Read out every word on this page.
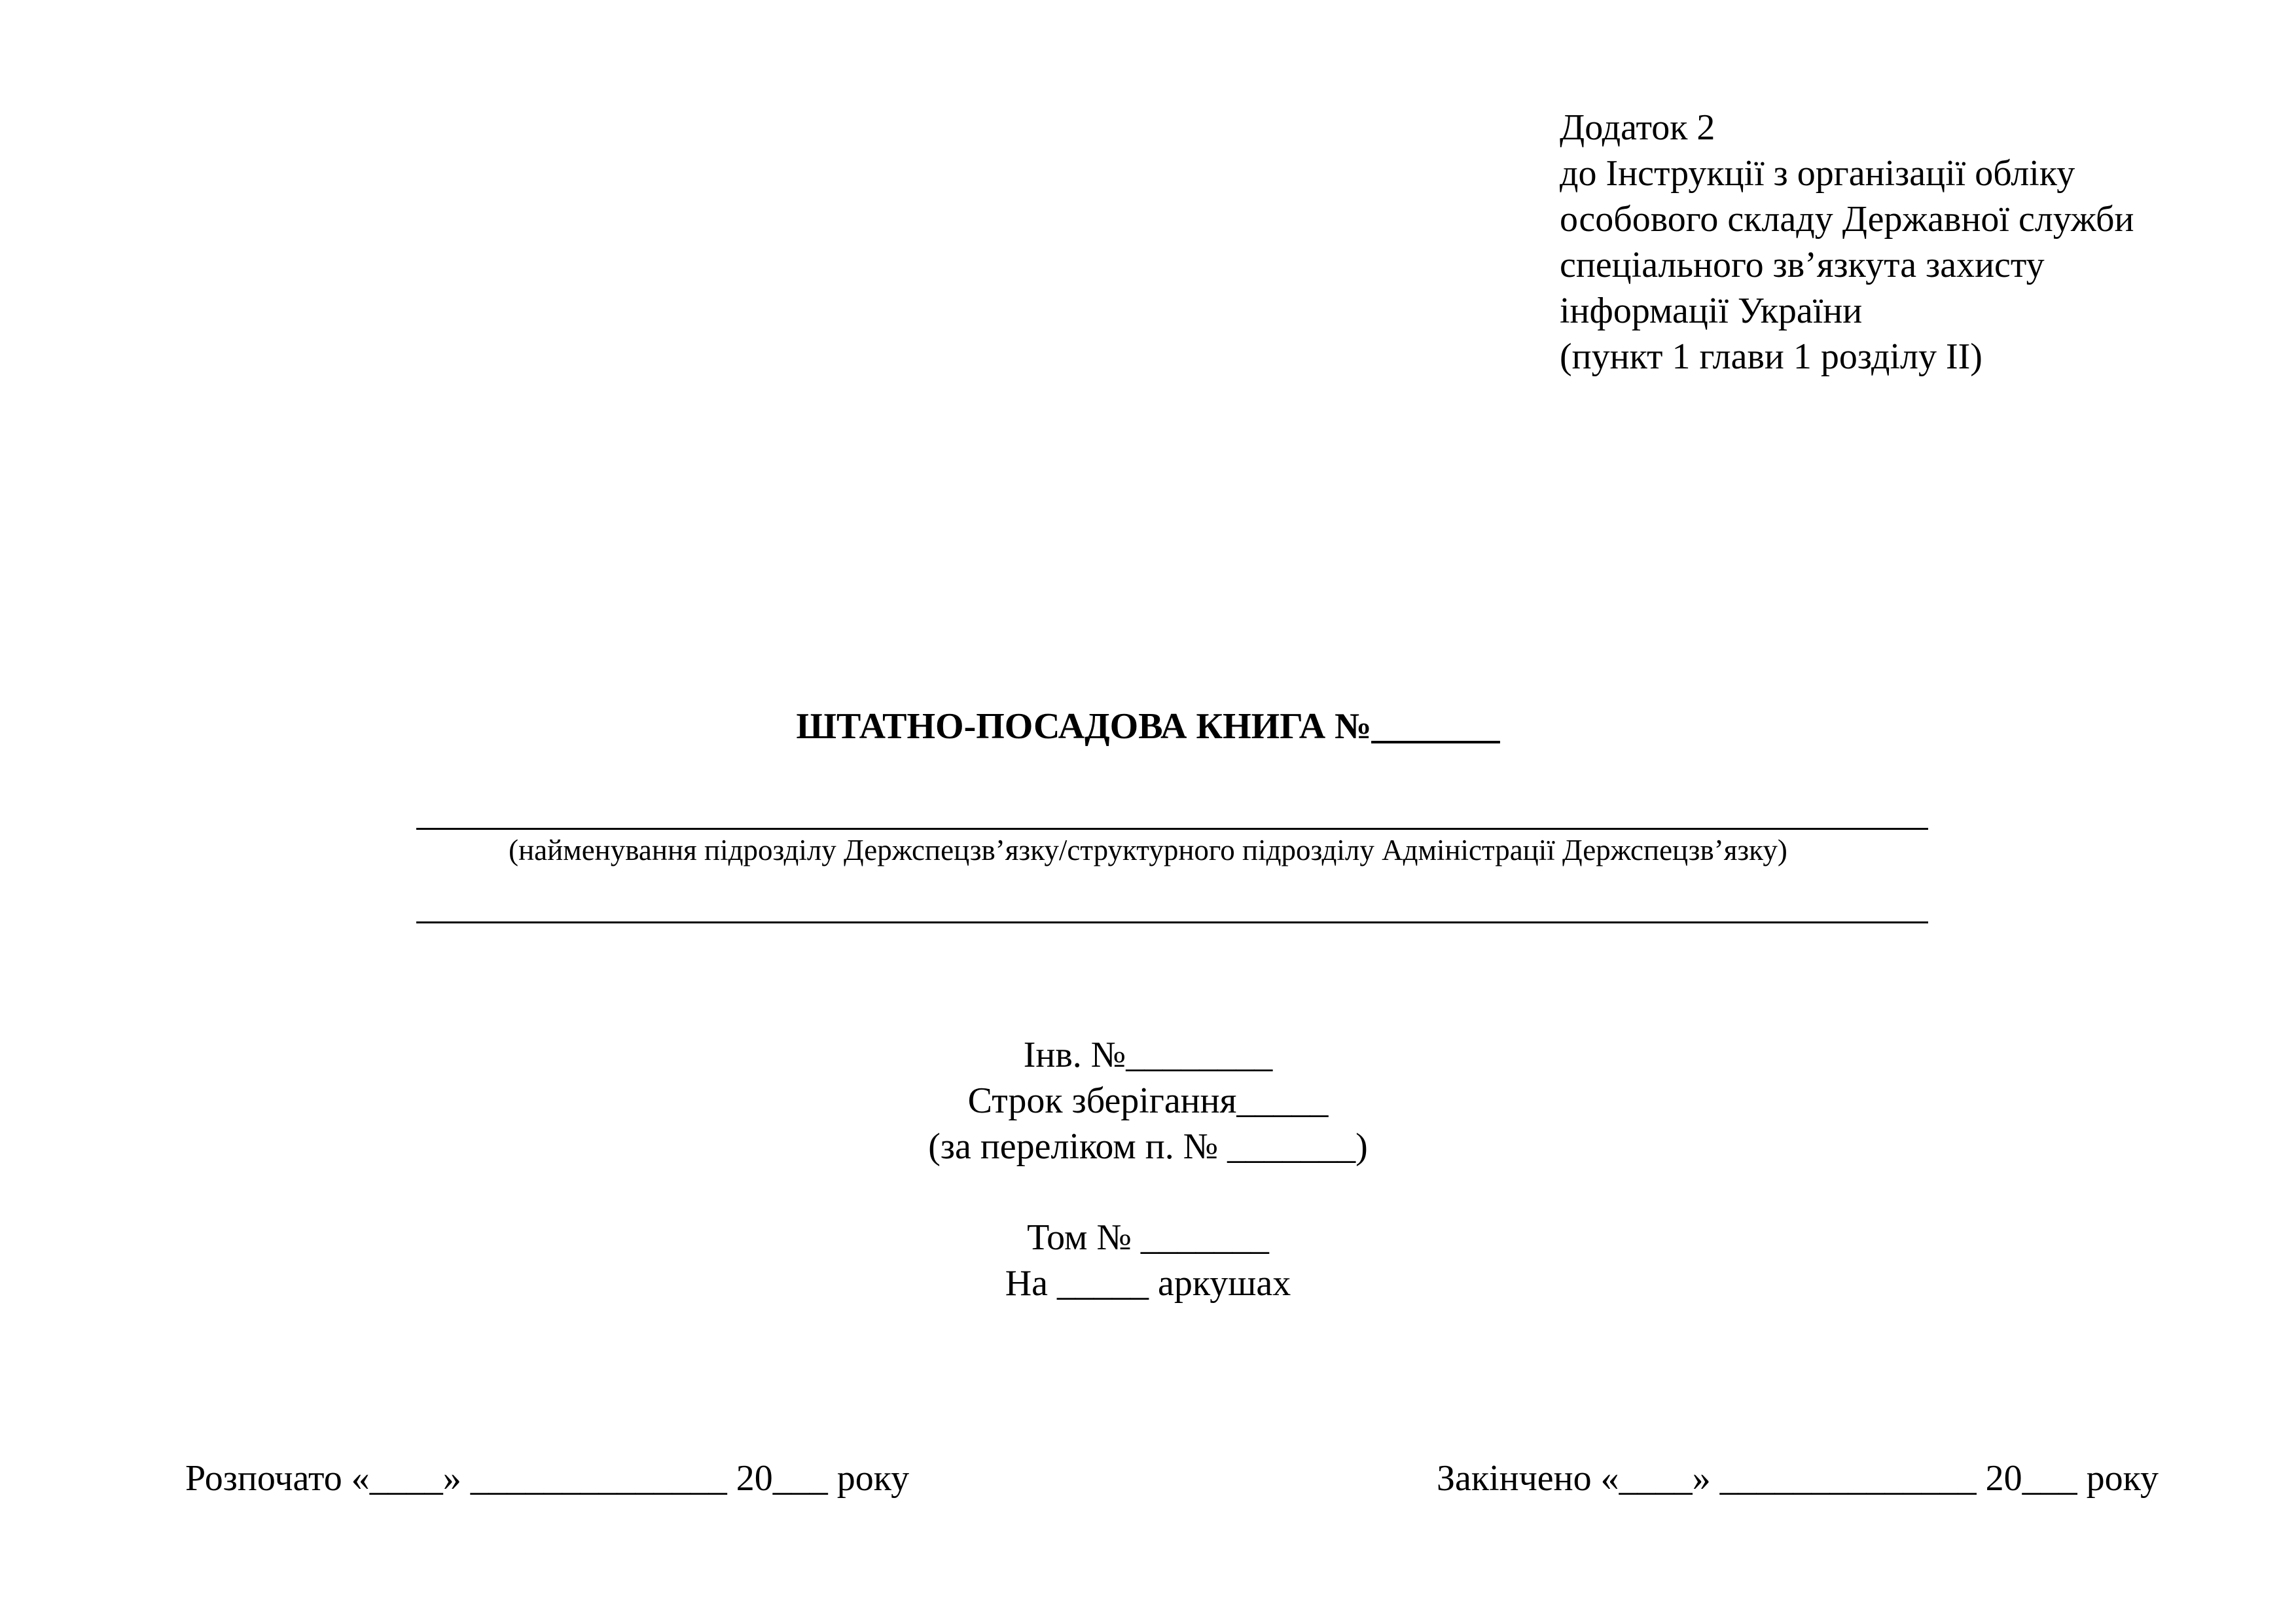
Додаток 2
до Інструкції з організації обліку
особового складу Державної служби
спеціального зв’язкута захисту
інформації України
(пункт 1 глави 1 розділу ІІ)
ШТАТНО-ПОСАДОВА КНИГА №_______
(найменування підрозділу Держспецзв’язку/структурного підрозділу Адміністрації Держспецзв’язку)
Інв. №________
Строк зберігання_____
(за переліком п. № _______)
Том № _______
На _____ аркушах
Розпочато «____» ______________ 20___ року	Закінчено «____» ______________ 20___ року
